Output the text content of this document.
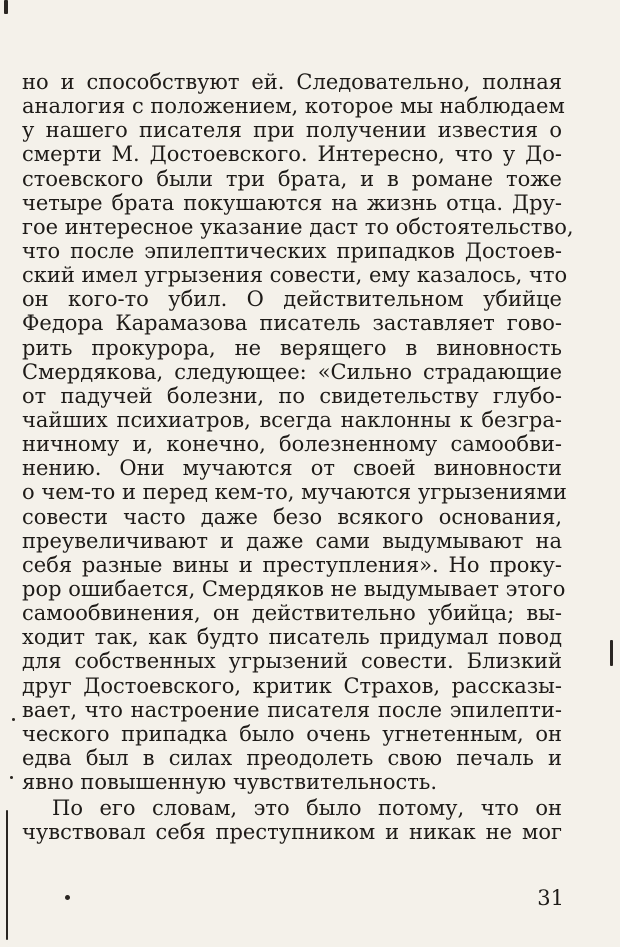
но и способствуют ей. Следовательно, полная
аналогия с положением, которое мы наблюдаем
у нашего писателя при получении известия о
смерти М. Достоевского. Интересно, что у До-
стоевского были три брата, и в романе тоже
четыре брата покушаются на жизнь отца. Дру-
гое интересное указание даст то обстоятельство,
что после эпилептических припадков Достоев-
ский имел угрызения совести, ему казалось, что
он кого-то убил. О действительном убийце
Федора Карамазова писатель заставляет гово-
рить прокурора, не верящего в виновность
Смердякова, следующее: «Сильно страдающие
от падучей болезни, по свидетельству глубо-
чайших психиатров, всегда наклонны к безгра-
ничному и, конечно, болезненному самообви-
нению. Они мучаются от своей виновности
о чем-то и перед кем-то, мучаются угрызениями
совести часто даже безо всякого основания,
преувеличивают и даже сами выдумывают на
себя разные вины и преступления». Но проку-
рор ошибается, Смердяков не выдумывает этого
самообвинения, он действительно убийца; вы-
ходит так, как будто писатель придумал повод
для собственных угрызений совести. Близкий
друг Достоевского, критик Страхов, рассказы-
вает, что настроение писателя после эпилепти-
ческого припадка было очень угнетенным, он
едва был в силах преодолеть свою печаль и
явно повышенную чувствительность.
По его словам, это было потому, что он
чувствовал себя преступником и никак не мог
31
